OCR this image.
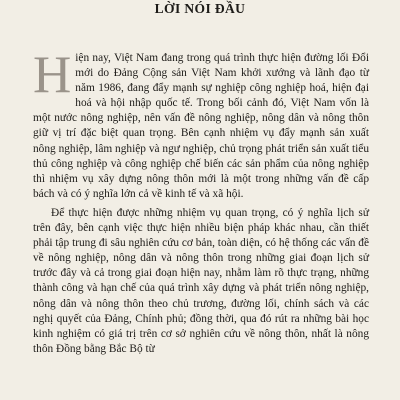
LỜI NÓI ĐẦU

Hiện nay, Việt Nam đang trong quá trình thực hiện đường lối Đổi mới do Đảng Cộng sản Việt Nam khởi xướng và lãnh đạo từ năm 1986, đang đẩy mạnh sự nghiệp công nghiệp hoá, hiện đại hoá và hội nhập quốc tế. Trong bối cảnh đó, Việt Nam vốn là một nước nông nghiệp, nên vấn đề nông nghiệp, nông dân và nông thôn giữ vị trí đặc biệt quan trọng. Bên cạnh nhiệm vụ đẩy mạnh sản xuất nông nghiệp, lâm nghiệp và ngư nghiệp, chủ trọng phát triển sản xuất tiểu thủ công nghiệp và công nghiệp chế biến các sản phẩm của nông nghiệp thì nhiệm vụ xây dựng nông thôn mới là một trong những vấn đề cấp bách và có ý nghĩa lớn cả về kinh tế và xã hội.

Để thực hiện được những nhiệm vụ quan trọng, có ý nghĩa lịch sử trên đây, bên cạnh việc thực hiện nhiều biện pháp khác nhau, cần thiết phải tập trung đi sâu nghiên cứu cơ bản, toàn diện, có hệ thống các vấn đề về nông nghiệp, nông dân và nông thôn trong những giai đoạn lịch sử trước đây và cả trong giai đoạn hiện nay, nhằm làm rõ thực trạng, những thành công và hạn chế của quá trình xây dựng và phát triển nông nghiệp, nông dân và nông thôn theo chủ trương, đường lối, chính sách và các nghị quyết của Đảng, Chính phủ; đồng thời, qua đó rút ra những bài học kinh nghiệm có giá trị trên cơ sở nghiên cứu về nông thôn, nhất là nông thôn Đồng bằng Bắc Bộ từ
